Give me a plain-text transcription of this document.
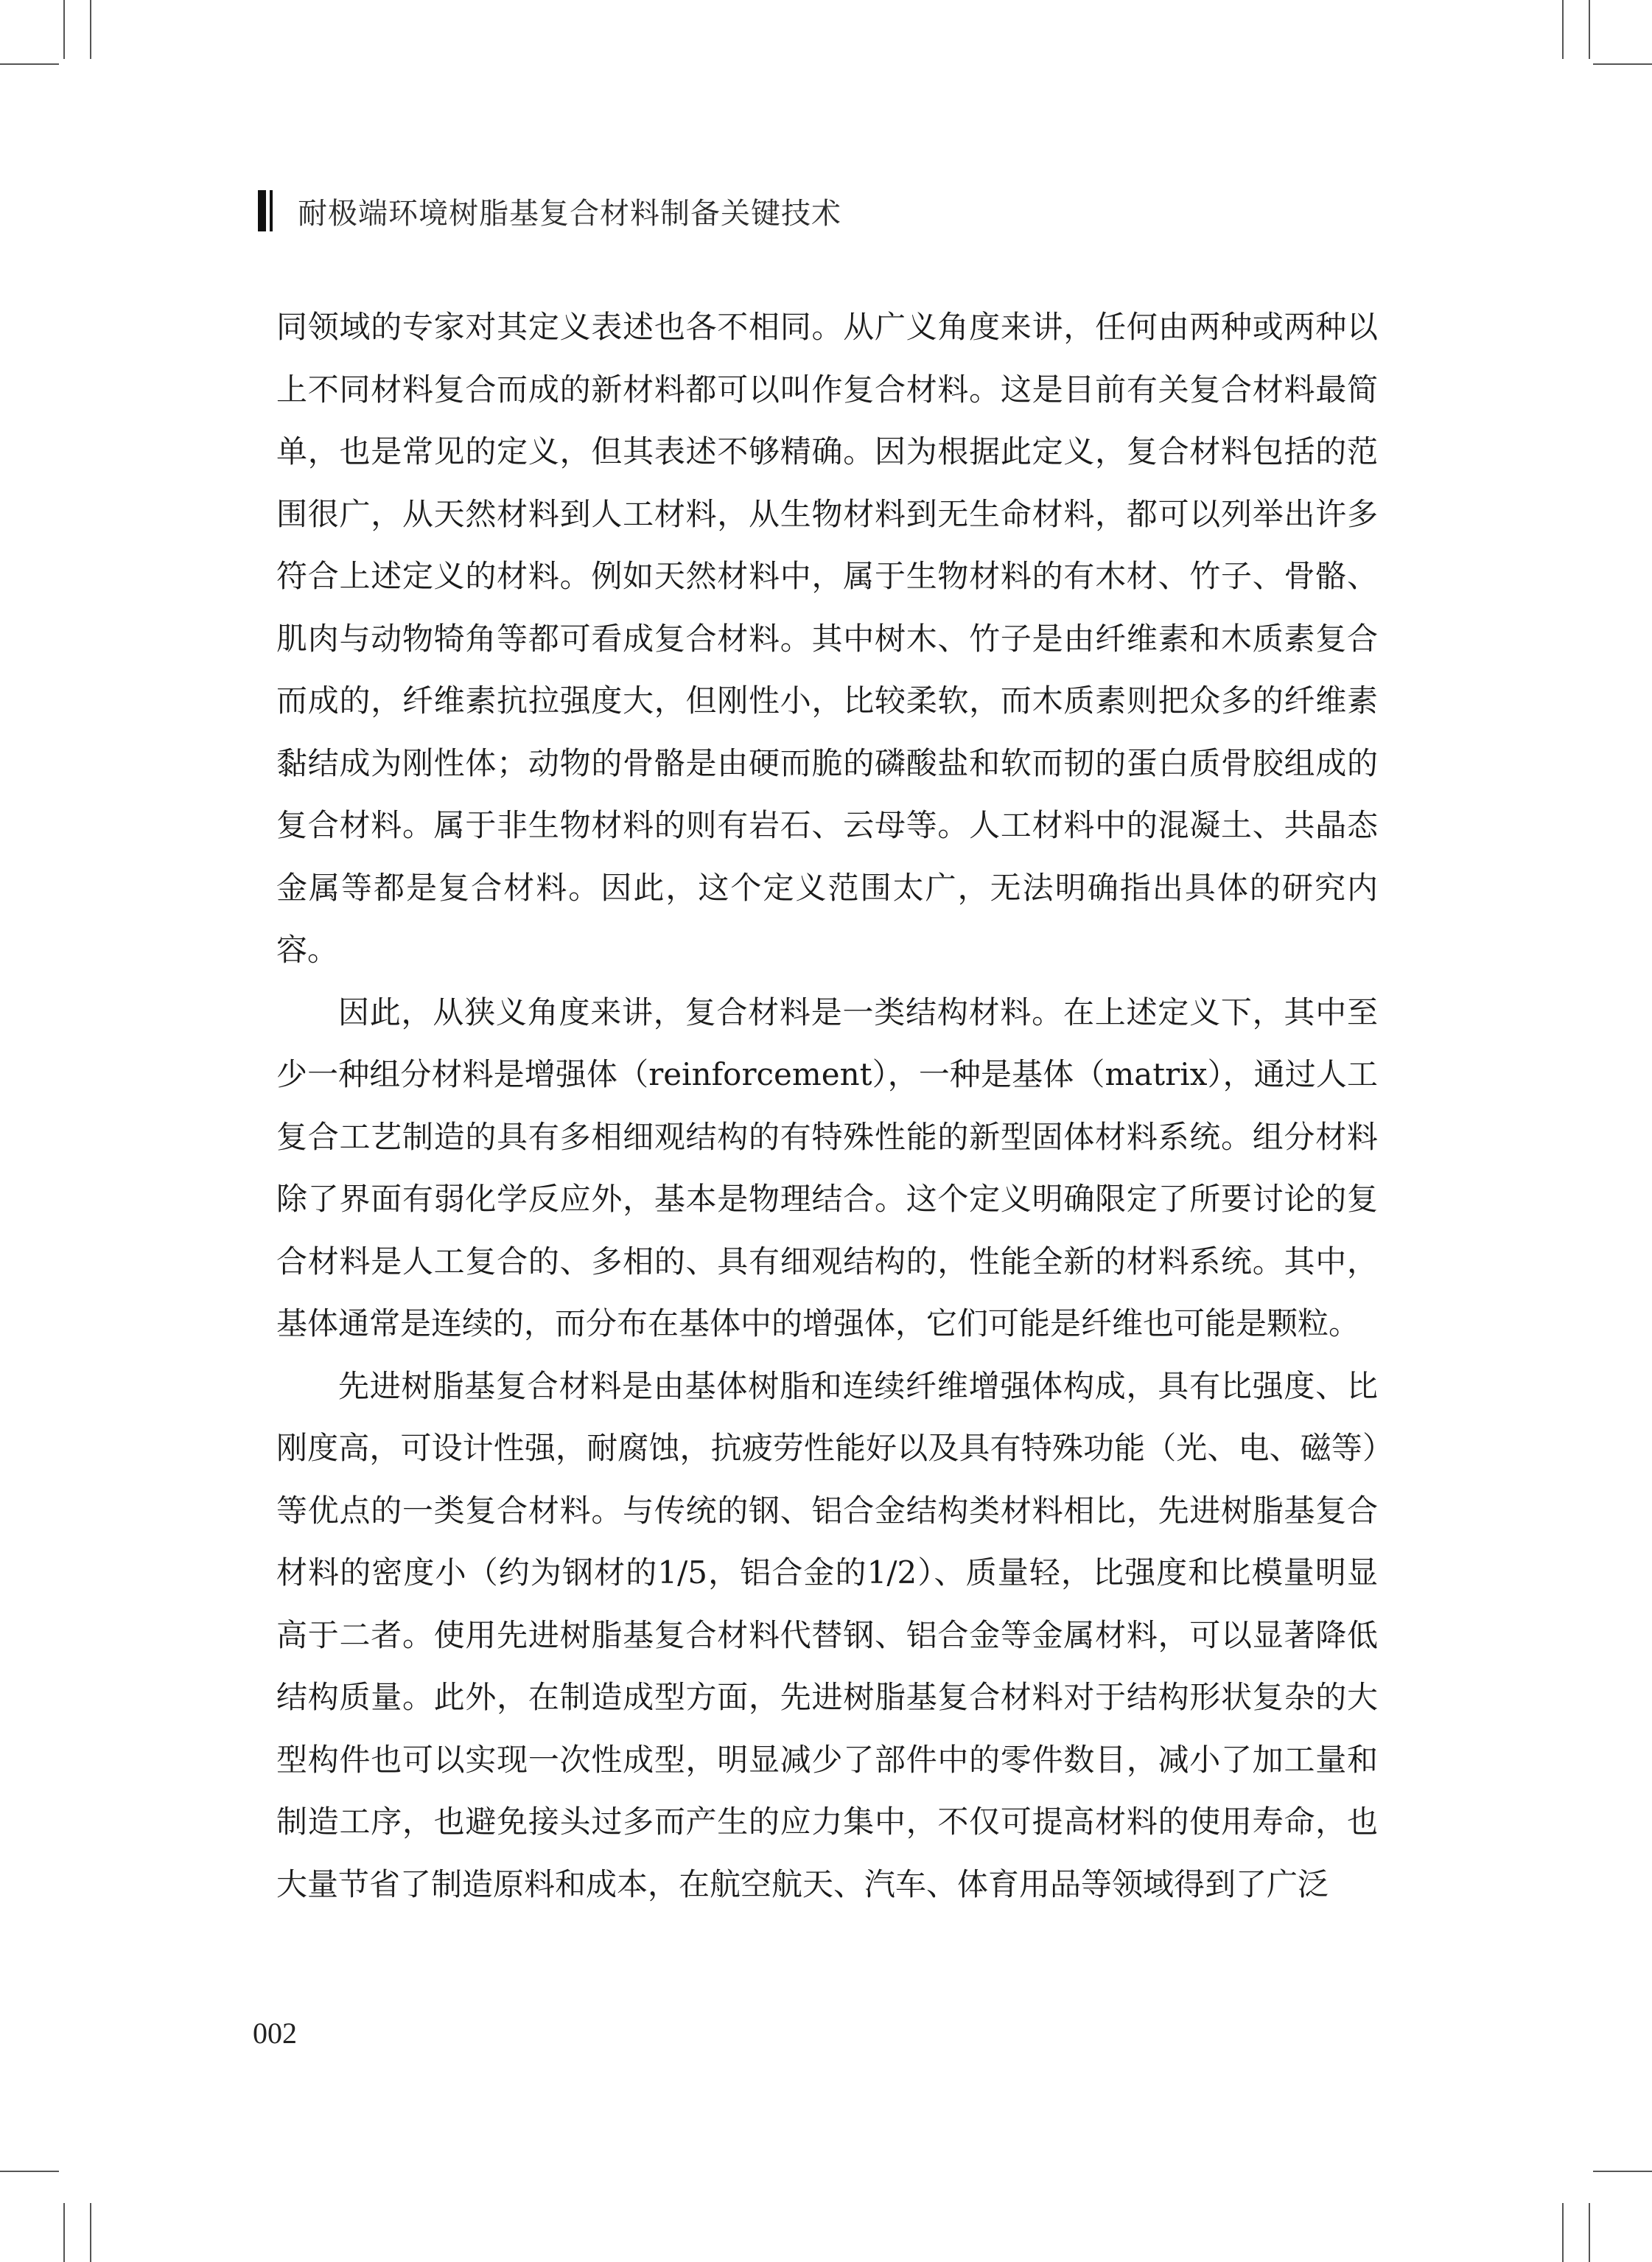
耐极端环境树脂基复合材料制备关键技术

同领域的专家对其定义表述也各不相同。从广义角度来讲，任何由两种或两种以上不同材料复合而成的新材料都可以叫作复合材料。这是目前有关复合材料最简单，也是常见的定义，但其表述不够精确。因为根据此定义，复合材料包括的范围很广，从天然材料到人工材料，从生物材料到无生命材料，都可以列举出许多符合上述定义的材料。例如天然材料中，属于生物材料的有木材、竹子、骨骼、肌肉与动物犄角等都可看成复合材料。其中树木、竹子是由纤维素和木质素复合而成的，纤维素抗拉强度大，但刚性小，比较柔软，而木质素则把众多的纤维素黏结成为刚性体；动物的骨骼是由硬而脆的磷酸盐和软而韧的蛋白质骨胶组成的复合材料。属于非生物材料的则有岩石、云母等。人工材料中的混凝土、共晶态金属等都是复合材料。因此，这个定义范围太广，无法明确指出具体的研究内容。

因此，从狭义角度来讲，复合材料是一类结构材料。在上述定义下，其中至少一种组分材料是增强体（reinforcement），一种是基体（matrix），通过人工复合工艺制造的具有多相细观结构的有特殊性能的新型固体材料系统。组分材料除了界面有弱化学反应外，基本是物理结合。这个定义明确限定了所要讨论的复合材料是人工复合的、多相的、具有细观结构的，性能全新的材料系统。其中，基体通常是连续的，而分布在基体中的增强体，它们可能是纤维也可能是颗粒。

先进树脂基复合材料是由基体树脂和连续纤维增强体构成，具有比强度、比刚度高，可设计性强，耐腐蚀，抗疲劳性能好以及具有特殊功能（光、电、磁等）等优点的一类复合材料。与传统的钢、铝合金结构类材料相比，先进树脂基复合材料的密度小（约为钢材的1/5，铝合金的1/2）、质量轻，比强度和比模量明显高于二者。使用先进树脂基复合材料代替钢、铝合金等金属材料，可以显著降低结构质量。此外，在制造成型方面，先进树脂基复合材料对于结构形状复杂的大型构件也可以实现一次性成型，明显减少了部件中的零件数目，减小了加工量和制造工序，也避免接头过多而产生的应力集中，不仅可提高材料的使用寿命，也大量节省了制造原料和成本，在航空航天、汽车、体育用品等领域得到了广泛

002
